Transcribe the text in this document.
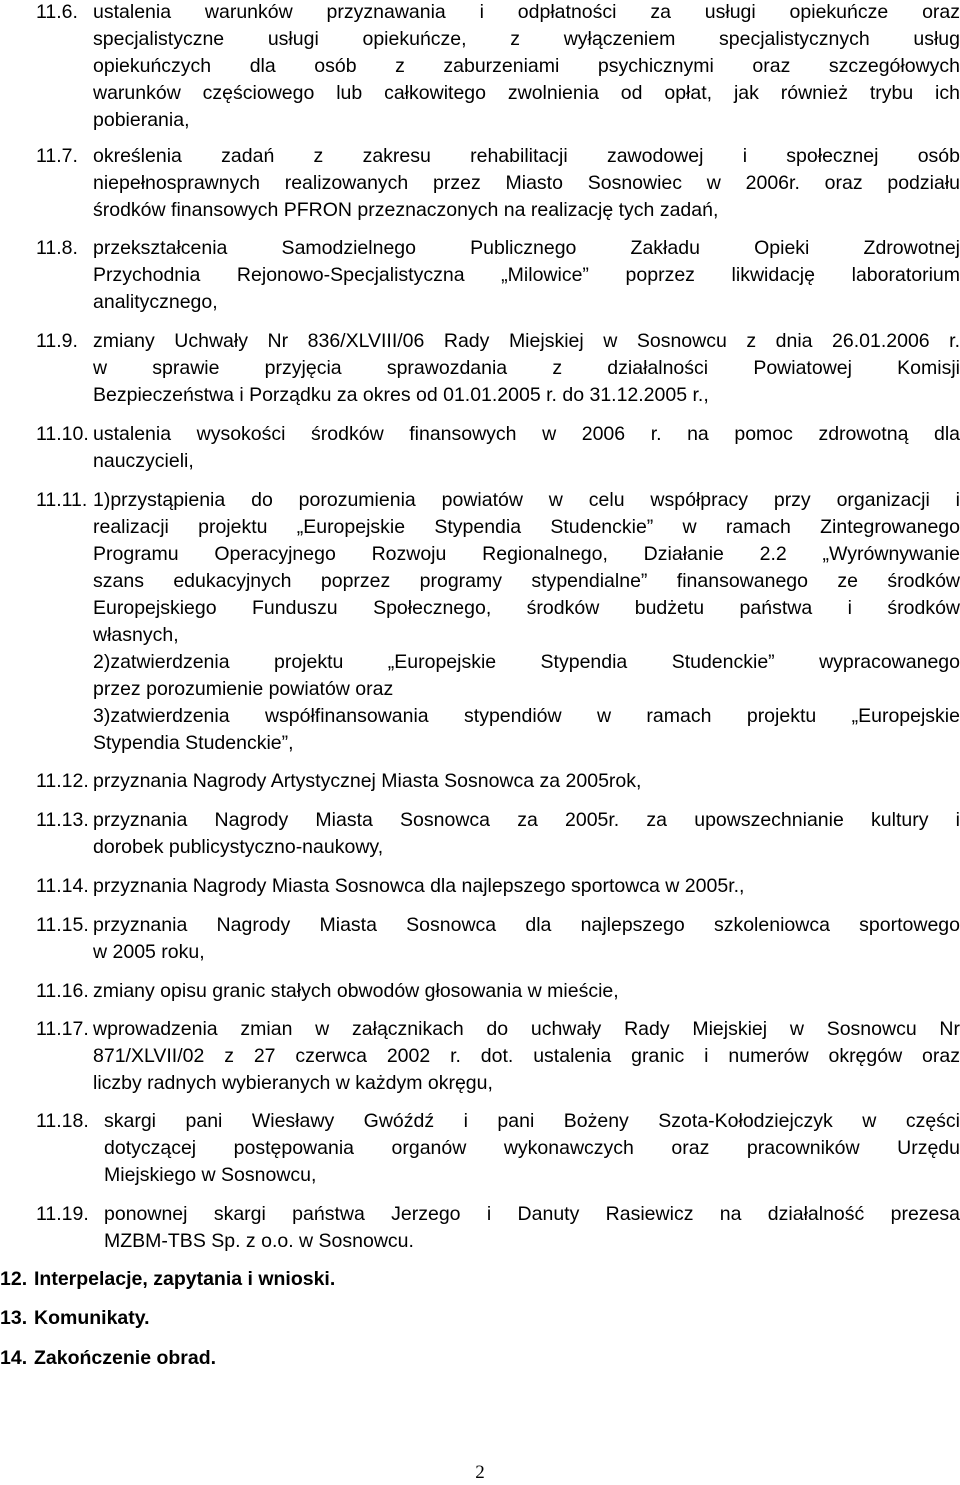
11.6. ustalenia warunków przyznawania i odpłatności za usługi opiekuńcze oraz
specjalistyczne usługi opiekuńcze, z wyłączeniem specjalistycznych usług
opiekuńczych dla osób z zaburzeniami psychicznymi oraz szczegółowych
warunków częściowego lub całkowitego zwolnienia od opłat, jak również trybu ich
pobierania,
11.7. określenia zadań z zakresu rehabilitacji zawodowej i społecznej osób
niepełnosprawnych realizowanych przez Miasto Sosnowiec w 2006r. oraz podziału
środków finansowych PFRON przeznaczonych na realizację tych zadań,
11.8. przekształcenia Samodzielnego Publicznego Zakładu Opieki Zdrowotnej
Przychodnia Rejonowo-Specjalistyczna „Milowice” poprzez likwidację laboratorium
analitycznego,
11.9. zmiany Uchwały Nr 836/XLVIII/06 Rady Miejskiej w Sosnowcu z dnia 26.01.2006 r.
w sprawie przyjęcia sprawozdania z działalności Powiatowej Komisji
Bezpieczeństwa i Porządku za okres od 01.01.2005 r. do 31.12.2005 r.,
11.10. ustalenia wysokości środków finansowych w 2006 r. na pomoc zdrowotną dla
nauczycieli,
11.11. 1)przystąpienia do porozumienia powiatów w celu współpracy przy organizacji i
realizacji projektu „Europejskie Stypendia Studenckie” w ramach Zintegrowanego
Programu Operacyjnego Rozwoju Regionalnego, Działanie 2.2 „Wyrównywanie
szans edukacyjnych poprzez programy stypendialne” finansowanego ze środków
Europejskiego Funduszu Społecznego, środków budżetu państwa i środków
własnych,
2)zatwierdzenia projektu „Europejskie Stypendia Studenckie” wypracowanego
przez porozumienie powiatów oraz
3)zatwierdzenia współfinansowania stypendiów w ramach projektu „Europejskie
Stypendia Studenckie”,
11.12. przyznania Nagrody Artystycznej Miasta Sosnowca za 2005rok,
11.13. przyznania Nagrody Miasta Sosnowca za 2005r. za upowszechnianie kultury i
dorobek publicystyczno-naukowy,
11.14. przyznania Nagrody Miasta Sosnowca dla najlepszego sportowca w 2005r.,
11.15. przyznania Nagrody Miasta Sosnowca dla najlepszego szkoleniowca sportowego
w 2005 roku,
11.16. zmiany opisu granic stałych obwodów głosowania w mieście,
11.17. wprowadzenia zmian w załącznikach do uchwały Rady Miejskiej w Sosnowcu Nr
871/XLVII/02 z 27 czerwca 2002 r. dot. ustalenia granic i numerów okręgów oraz
liczby radnych wybieranych w każdym okręgu,
11.18. skargi pani Wiesławy Gwóźdź i pani Bożeny Szota-Kołodziejczyk w części
dotyczącej postępowania organów wykonawczych oraz pracowników Urzędu
Miejskiego w Sosnowcu,
11.19. ponownej skargi państwa Jerzego i Danuty Rasiewicz na działalność prezesa
MZBM-TBS Sp. z o.o. w Sosnowcu.
12. Interpelacje, zapytania i wnioski.
13. Komunikaty.
14. Zakończenie obrad.
2
